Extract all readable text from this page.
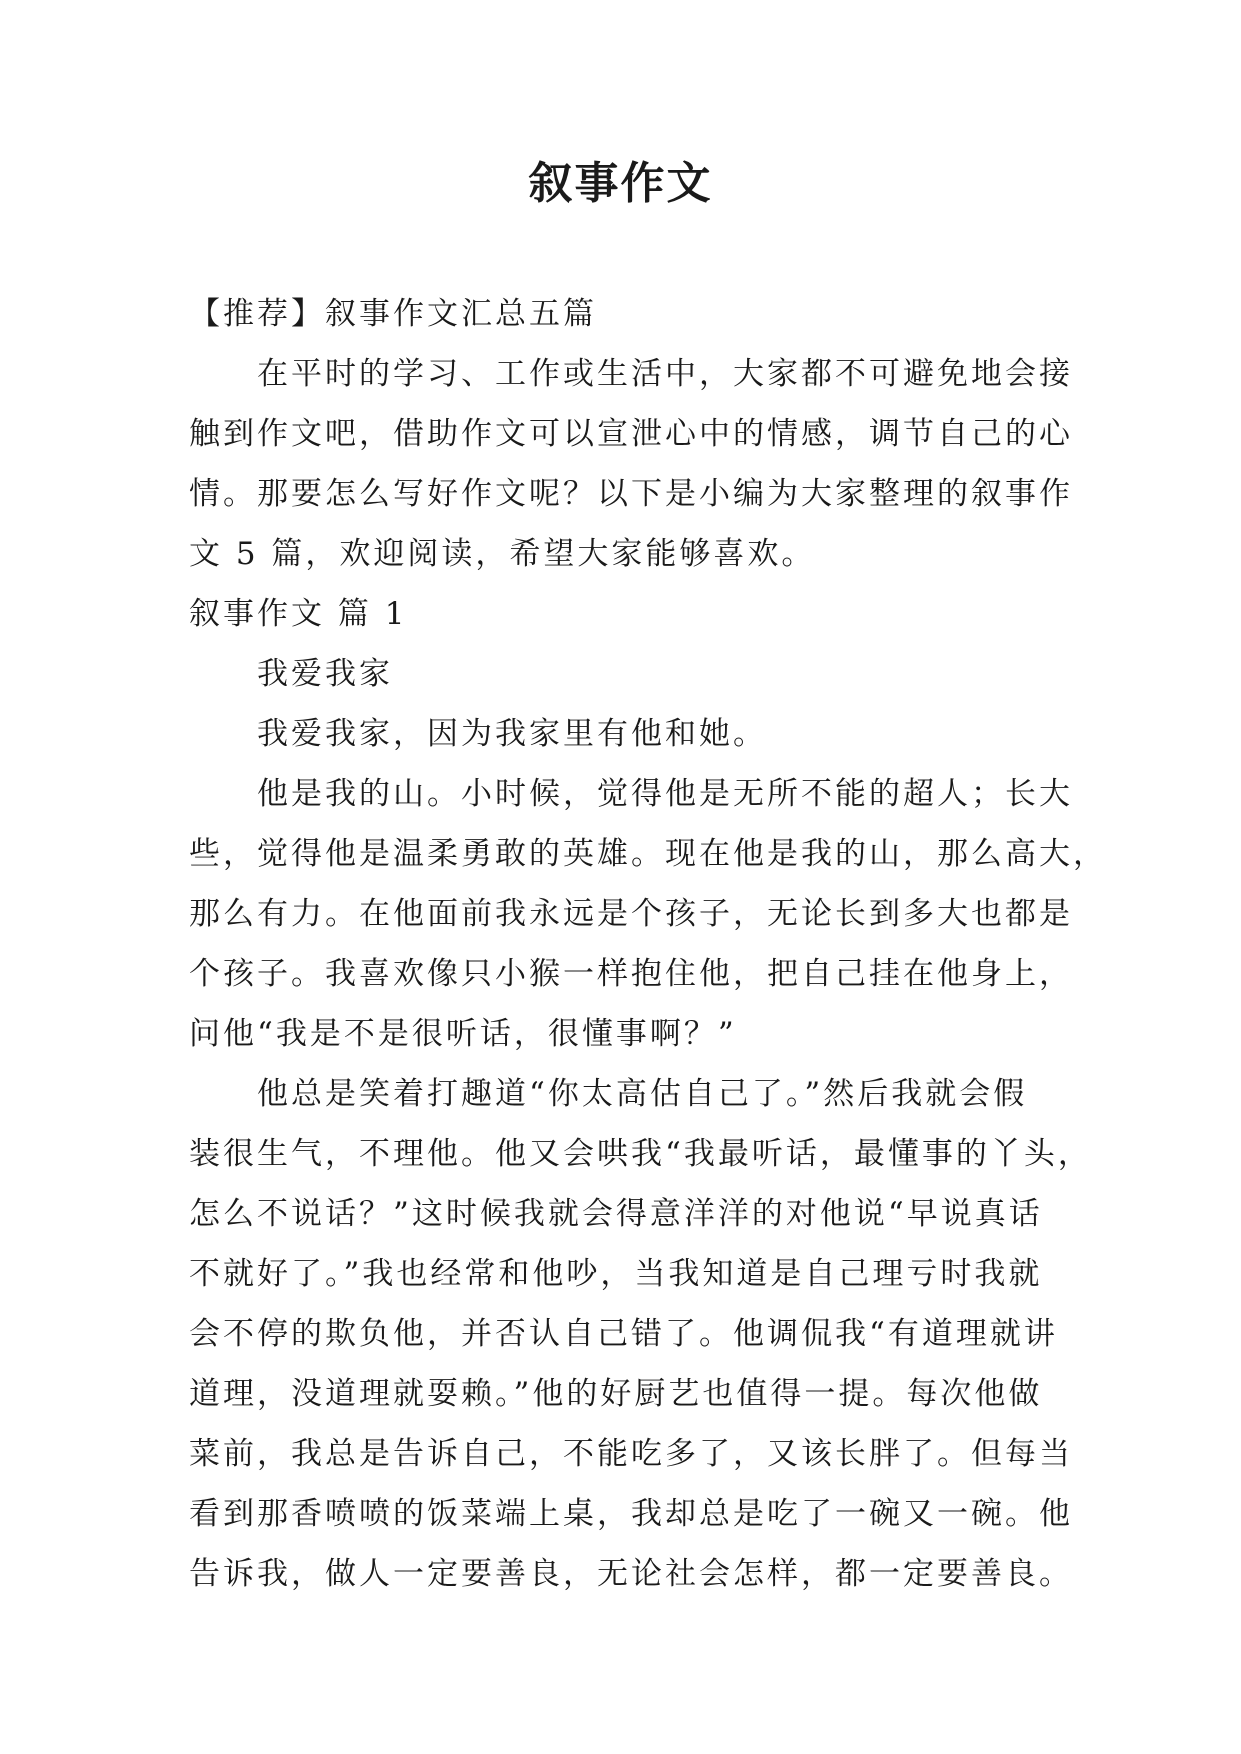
叙事作文

【推荐】叙事作文汇总五篇

在平时的学习、工作或生活中，大家都不可避免地会接

触到作文吧，借助作文可以宣泄心中的情感，调节自己的心

情。那要怎么写好作文呢？以下是小编为大家整理的叙事作

文 5 篇，欢迎阅读，希望大家能够喜欢。

叙事作文 篇 1

我爱我家

我爱我家，因为我家里有他和她。

他是我的山。小时候，觉得他是无所不能的超人；长大

些，觉得他是温柔勇敢的英雄。现在他是我的山，那么高大，

那么有力。在他面前我永远是个孩子，无论长到多大也都是

个孩子。我喜欢像只小猴一样抱住他，把自己挂在他身上，

问他“我是不是很听话，很懂事啊？”

他总是笑着打趣道“你太高估自己了。”然后我就会假

装很生气，不理他。他又会哄我“我最听话，最懂事的丫头，

怎么不说话？”这时候我就会得意洋洋的对他说“早说真话

不就好了。”我也经常和他吵，当我知道是自己理亏时我就

会不停的欺负他，并否认自己错了。他调侃我“有道理就讲

道理，没道理就耍赖。”他的好厨艺也值得一提。每次他做

菜前，我总是告诉自己，不能吃多了，又该长胖了。但每当

看到那香喷喷的饭菜端上桌，我却总是吃了一碗又一碗。他

告诉我，做人一定要善良，无论社会怎样，都一定要善良。
